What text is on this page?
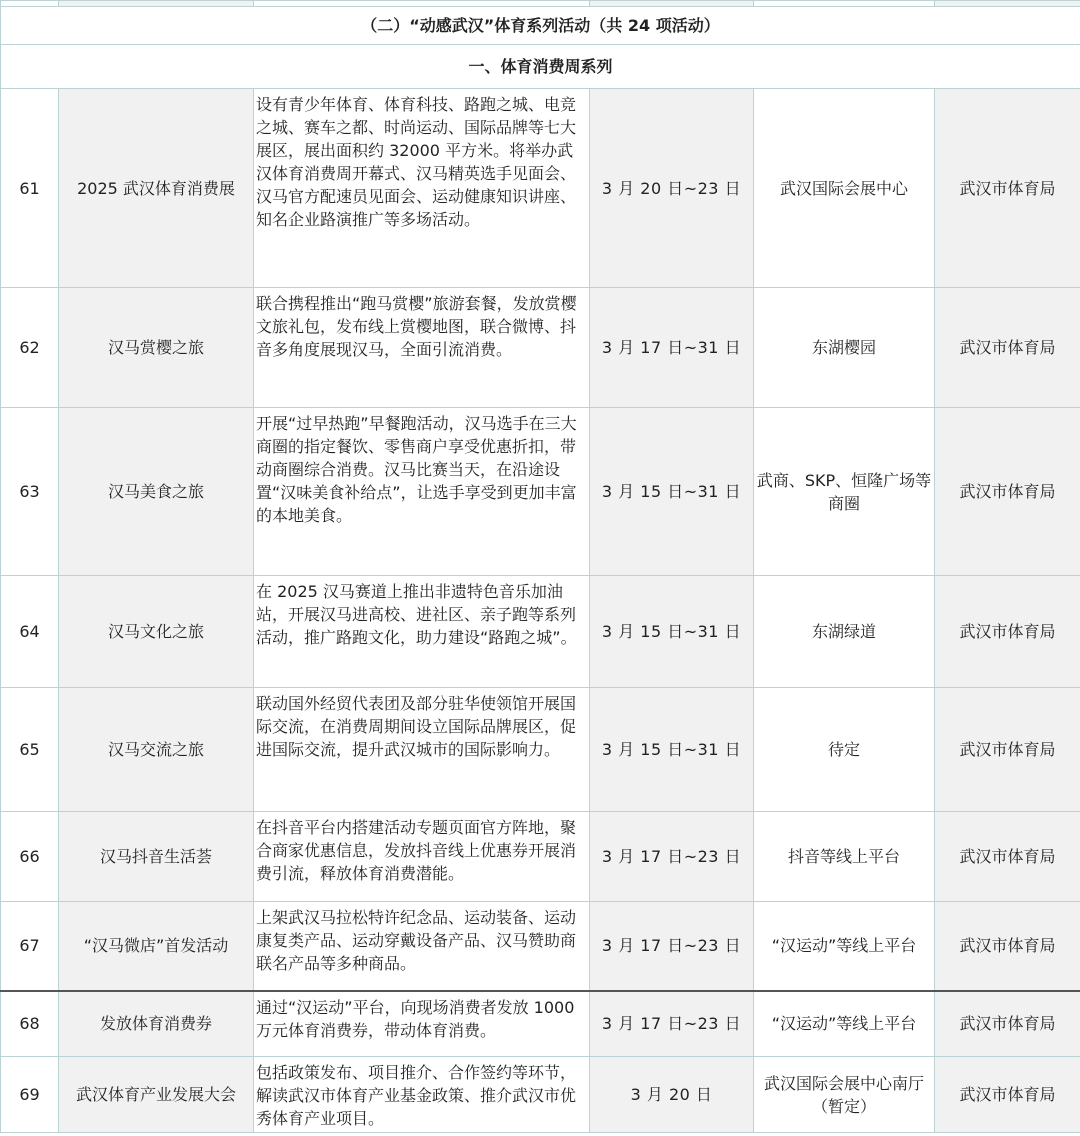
（二）“动感武汉”体育系列活动（共 24 项活动）					
一、体育消费周系列					
61	2025 武汉体育消费展	设有青少年体育、体育科技、路跑之城、电竞之城、赛车之都、时尚运动、国际品牌等七大展区，展出面积约 32000 平方米。将举办武汉体育消费周开幕式、汉马精英选手见面会、汉马官方配速员见面会、运动健康知识讲座、知名企业路演推广等多场活动。	3 月 20 日~23 日	武汉国际会展中心	武汉市体育局
62	汉马赏樱之旅	联合携程推出“跑马赏樱”旅游套餐，发放赏樱文旅礼包，发布线上赏樱地图，联合微博、抖音多角度展现汉马，全面引流消费。	3 月 17 日~31 日	东湖樱园	武汉市体育局
63	汉马美食之旅	开展“过早热跑”早餐跑活动，汉马选手在三大商圈的指定餐饮、零售商户享受优惠折扣，带动商圈综合消费。汉马比赛当天，在沿途设置“汉味美食补给点”，让选手享受到更加丰富的本地美食。	3 月 15 日~31 日	武商、SKP、恒隆广场等商圈	武汉市体育局
64	汉马文化之旅	在 2025 汉马赛道上推出非遗特色音乐加油站，开展汉马进高校、进社区、亲子跑等系列活动，推广路跑文化，助力建设“路跑之城”。	3 月 15 日~31 日	东湖绿道	武汉市体育局
65	汉马交流之旅	联动国外经贸代表团及部分驻华使领馆开展国际交流，在消费周期间设立国际品牌展区，促进国际交流，提升武汉城市的国际影响力。	3 月 15 日~31 日	待定	武汉市体育局
66	汉马抖音生活荟	在抖音平台内搭建活动专题页面官方阵地，聚合商家优惠信息，发放抖音线上优惠券开展消费引流，释放体育消费潜能。	3 月 17 日~23 日	抖音等线上平台	武汉市体育局
67	“汉马微店”首发活动	上架武汉马拉松特许纪念品、运动装备、运动康复类产品、运动穿戴设备产品、汉马赞助商联名产品等多种商品。	3 月 17 日~23 日	“汉运动”等线上平台	武汉市体育局
68	发放体育消费券	通过“汉运动”平台，向现场消费者发放 1000 万元体育消费券，带动体育消费。	3 月 17 日~23 日	“汉运动”等线上平台	武汉市体育局
69	武汉体育产业发展大会	包括政策发布、项目推介、合作签约等环节，解读武汉市体育产业基金政策、推介武汉市优秀体育产业项目。	3 月 20 日	武汉国际会展中心南厅（暂定）	武汉市体育局
